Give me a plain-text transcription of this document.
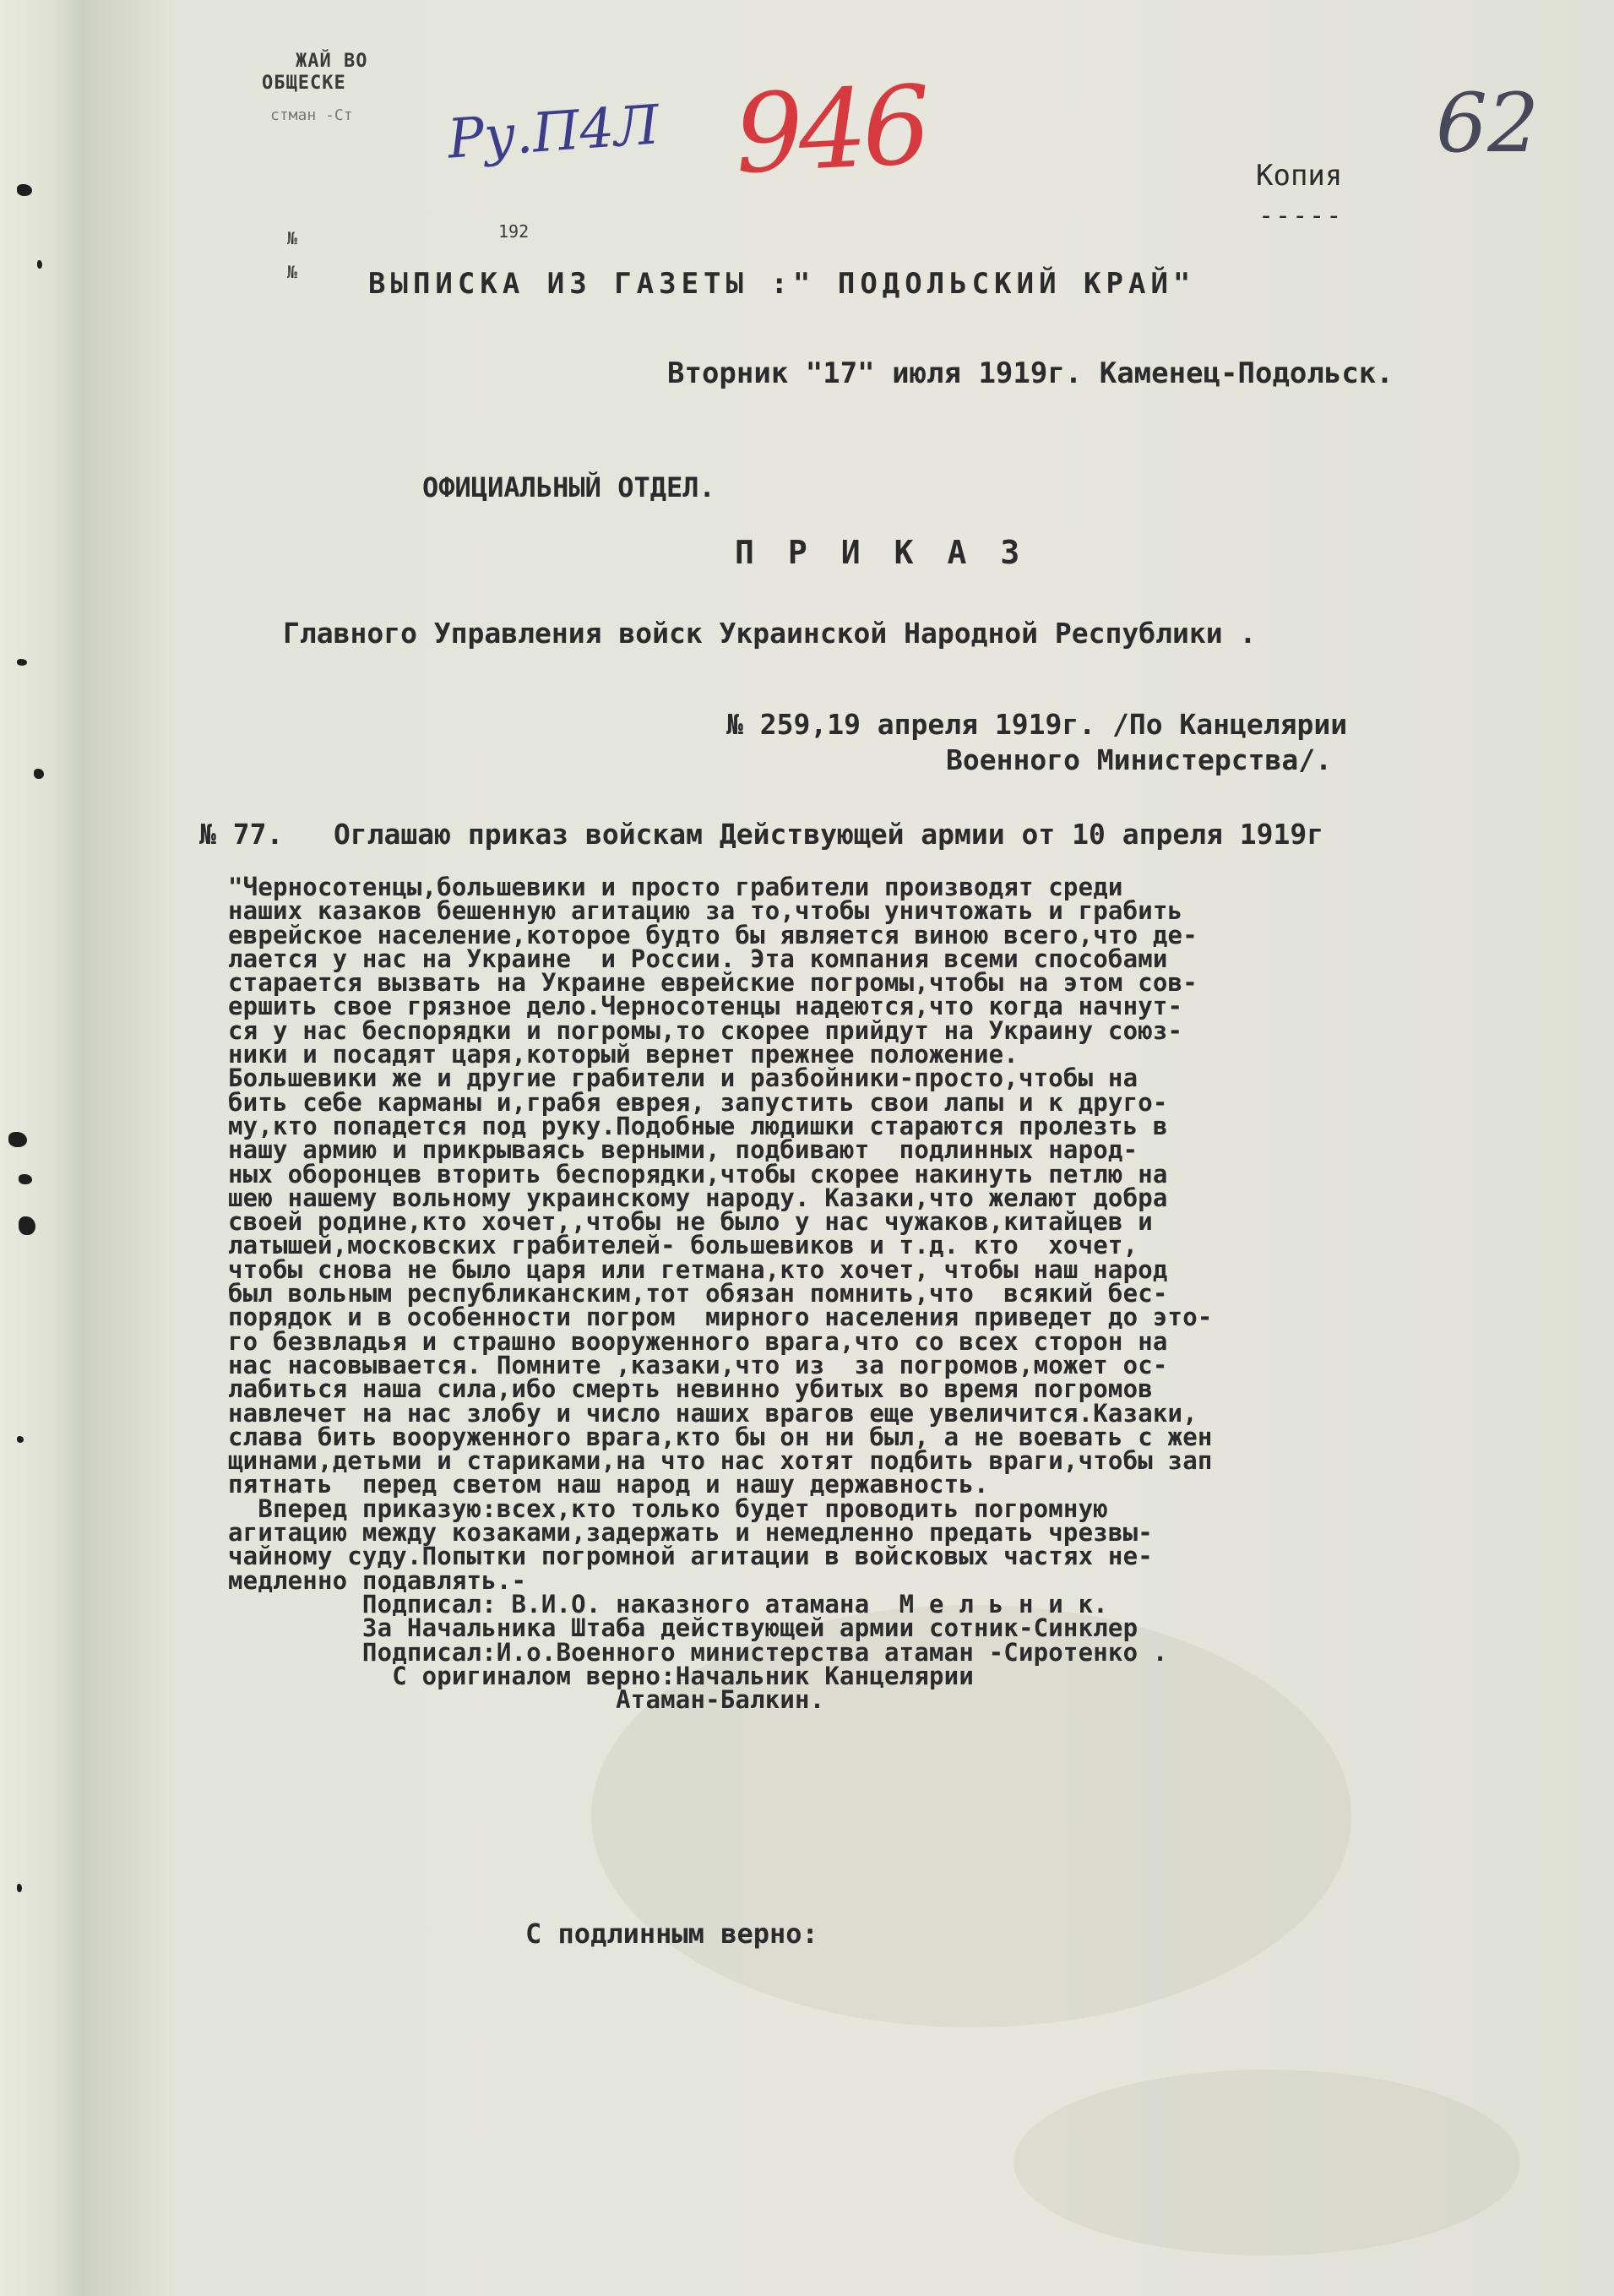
ЖАЙ ВО
ОБЩЕСКЕ
стман -Ст
№	192
№
Ру.П4Л 946	62
Копия
-----
ВЫПИСКА ИЗ ГАЗЕТЫ :" ПОДОЛЬСКИЙ КРАЙ"
Вторник "17" июля 1919г. Каменец-Подольск.
ОФИЦИАЛЬНЫЙ ОТДЕЛ.
ПРИКАЗ
Главного Управления войск Украинской Народной Республики .
№ 259,19 апреля 1919г. /По Канцелярии
Военного Министерства/.
№ 77.   Оглашаю приказ войскам Действующей армии от 10 апреля 1919г
"Черносотенцы,большевики и просто грабители производят среди
наших казаков бешенную агитацию за то,чтобы уничтожать и грабить
еврейское население,которое будто бы является виною всего,что де-
лается у нас на Украине  и России. Эта компания всеми способами
старается вызвать на Украине еврейские погромы,чтобы на этом сов-
ершить свое грязное дело.Черносотенцы надеются,что когда начнут-
ся у нас беспорядки и погромы,то скорее прийдут на Украину союз-
ники и посадят царя,который вернет прежнее положение.
Большевики же и другие грабители и разбойники-просто,чтобы на
бить себе карманы и,грабя еврея, запустить свои лапы и к друго-
му,кто попадется под руку.Подобные людишки стараются пролезть в
нашу армию и прикрываясь верными, подбивают  подлинных народ-
ных оборонцев вторить беспорядки,чтобы скорее накинуть петлю на
шею нашему вольному украинскому народу. Казаки,что желают добра
своей родине,кто хочет,,чтобы не было у нас чужаков,китайцев и
латышей,московских грабителей- большевиков и т.д. кто  хочет,
чтобы снова не было царя или гетмана,кто хочет, чтобы наш народ
был вольным республиканским,тот обязан помнить,что  всякий бес-
порядок и в особенности погром  мирного населения приведет до это-
го безвладья и страшно вооруженного врага,что со всех сторон на
нас насовывается. Помните ,казаки,что из  за погромов,может ос-
лабиться наша сила,ибо смерть невинно убитых во время погромов
навлечет на нас злобу и число наших врагов еще увеличится.Казаки,
слава бить вооруженного врага,кто бы он ни был, а не воевать с жен
щинами,детьми и стариками,на что нас хотят подбить враги,чтобы зап
пятнать  перед светом наш народ и нашу державность.
Вперед приказую:всех,кто только будет проводить погромную
агитацию между козаками,задержать и немедленно предать чрезвы-
чайному суду.Попытки погромной агитации в войсковых частях не-
медленно подавлять.-
Подписал: В.И.О. наказного атамана  М е л ь н и к.
За Начальника Штаба действующей армии сотник-Синклер
Подписал:И.о.Военного министерства атаман -Сиротенко .
С оригиналом верно:Начальник Канцелярии
Атаман-Балкин.
С подлинным верно:
